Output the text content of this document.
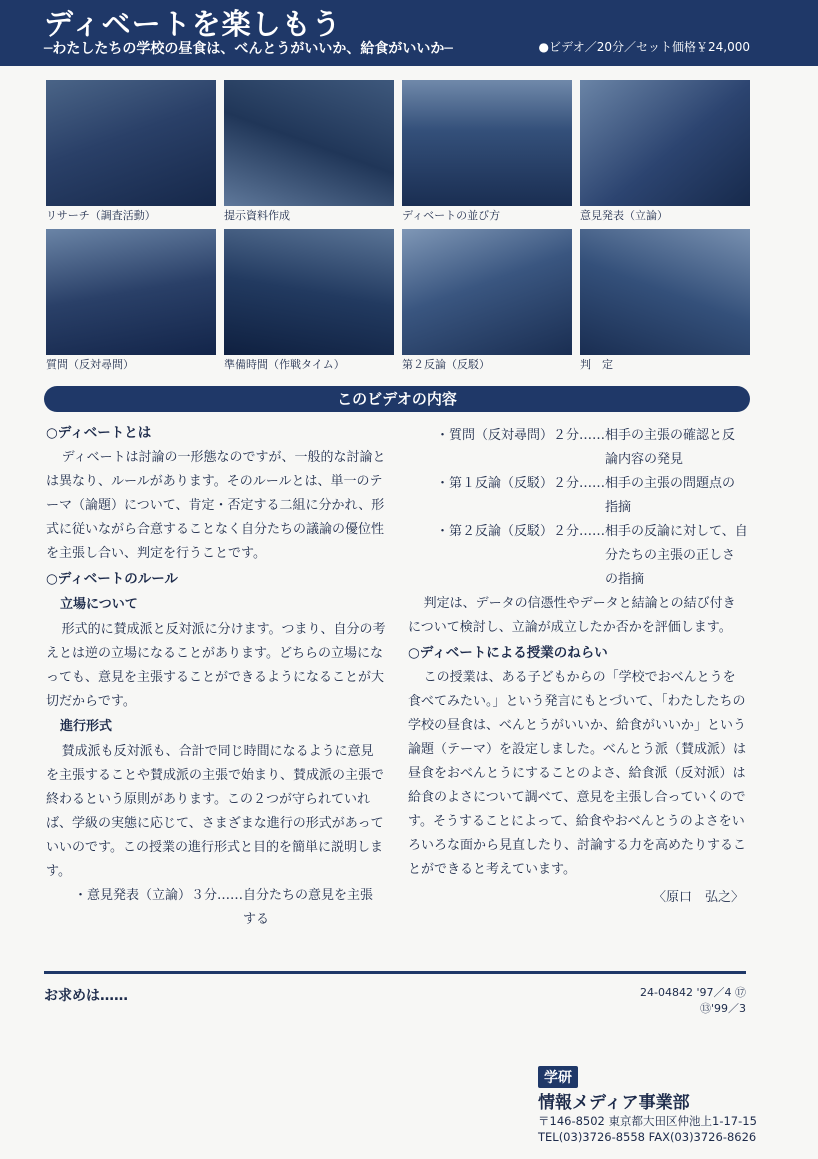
ディベートを楽しもう
─わたしたちの学校の昼食は、べんとうがいいか、給食がいいか─	●ビデオ／20分／セット価格￥24,000
リサーチ（調査活動）	提示資料作成	ディベートの並び方	意見発表（立論）
質問（反対尋問）	準備時間（作戦タイム）	第２反論（反駁）	判　定
このビデオの内容
○ディベートとは

ディベートは討論の一形態なのですが、一般的な討論とは異なり、ルールがあります。そのルールとは、単一のテーマ（論題）について、肯定・否定する二組に分かれ、形式に従いながら合意することなく自分たちの議論の優位性を主張し合い、判定を行うことです。

○ディベートのルール
立場について

形式的に賛成派と反対派に分けます。つまり、自分の考えとは逆の立場になることがあります。どちらの立場になっても、意見を主張することができるようになることが大切だからです。

進行形式

賛成派も反対派も、合計で同じ時間になるように意見を主張することや賛成派の主張で始まり、賛成派の主張で終わるという原則があります。この２つが守られていれば、学級の実態に応じて、さまざまな進行の形式があっていいのです。この授業の進行形式と目的を簡単に説明します。

・意見発表（立論）３分…… 自分たちの意見を主張する
・質問（反対尋問）２分…… 相手の主張の確認と反論内容の発見
・第１反論（反駁）２分…… 相手の主張の問題点の指摘
・第２反論（反駁）２分…… 相手の反論に対して、自分たちの主張の正しさの指摘

判定は、データの信憑性やデータと結論との結び付きについて検討し、立論が成立したか否かを評価します。

○ディベートによる授業のねらい

この授業は、ある子どもからの「学校でおべんとうを食べてみたい。」という発言にもとづいて、「わたしたちの学校の昼食は、べんとうがいいか、給食がいいか」という論題（テーマ）を設定しました。べんとう派（賛成派）は昼食をおべんとうにすることのよさ、給食派（反対派）は給食のよさについて調べて、意見を主張し合っていくのです。そうすることによって、給食やおべんとうのよさをいろいろな面から見直したり、討論する力を高めたりすることができると考えています。

〈原口　弘之〉
お求めは……	24-04842 '97／4 ⑰
⑬'99／3
学研
情報メディア事業部
〒146-8502 東京都大田区仲池上1-17-15
TEL(03)3726-8558 FAX(03)3726-8626
